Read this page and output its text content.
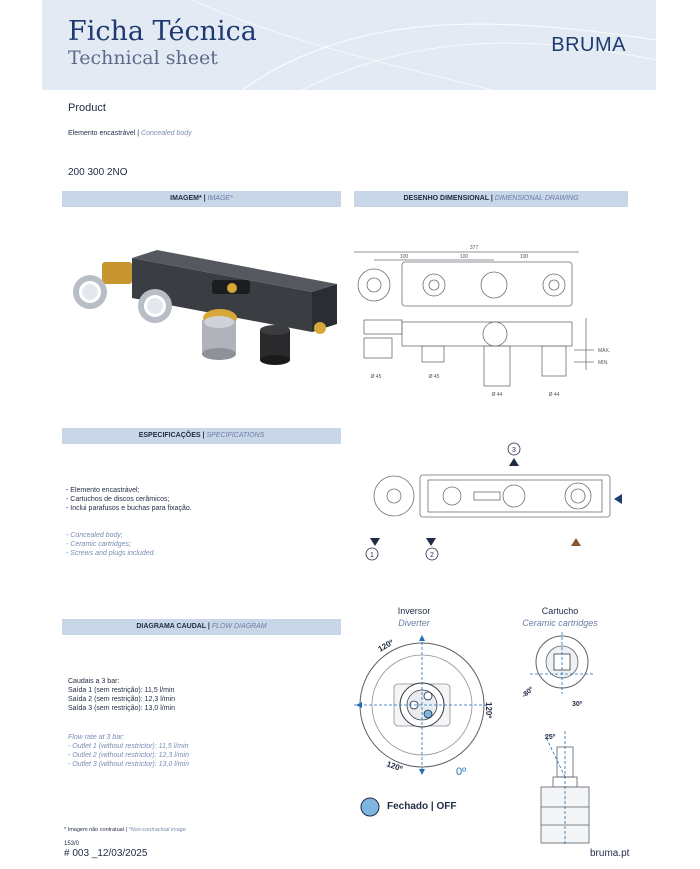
Ficha Técnica
Technical sheet
BRUMA
Product
Elemento encastrável | Concealed body
200 300 2NO
IMAGEM* | IMAGE*	DESENHO DIMENSIONAL | DIMENSIONAL DRAWING
377
100	100	100
MAX.
MIN.
Ø 45	Ø 45
Ø 44	Ø 44
ESPECIFICAÇÕES | SPECIFICATIONS
- Elemento encastrável;
- Cartuchos de discos cerâmicos;
- Inclui parafusos e buchas para fixação.
- Concealed body;
- Ceramic cartridges;
- Screws and plugs included.
3
1	2
DIAGRAMA CAUDAL | FLOW DIAGRAM
Caudais a 3 bar:
Saída 1 (sem restrição): 11,5 l/min
Saída 2 (sem restrição): 12,3 l/min
Saída 3 (sem restrição): 13,0 l/min
Flow rate at 3 bar:
- Outlet 1 (without restrictor): 11,5 l/min
- Outlet 2 (without restrictor): 12,3 l/min
- Outlet 3 (without restrictor): 13,0 l/min
Inversor
Diverter
120º
120º
120º	0º
Fechado | OFF
Cartucho
Ceramic cartridges
-80º
30º
25º
* Imagem não contratual | *Non-contractual image
153/0
# 003 _12/03/2025	bruma.pt
